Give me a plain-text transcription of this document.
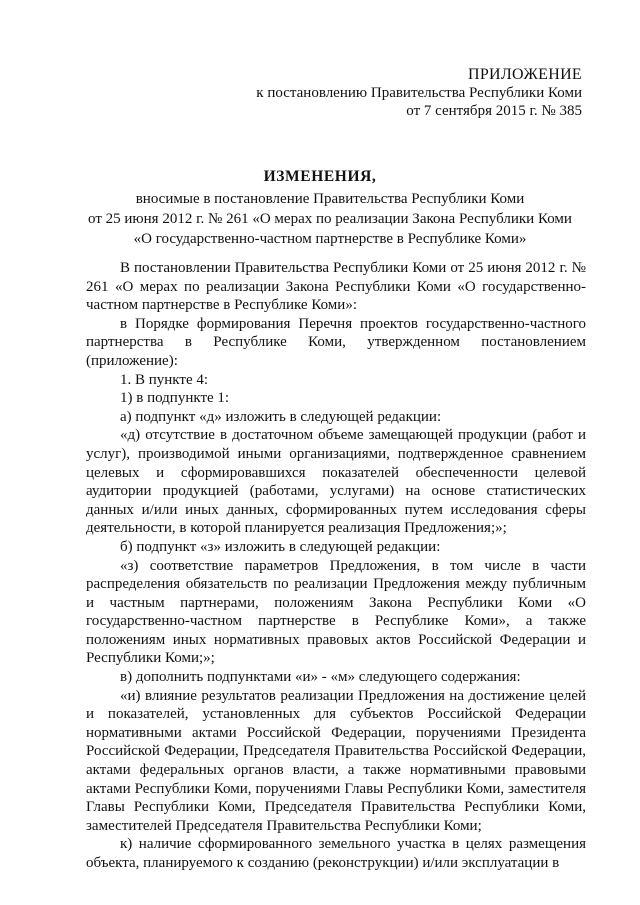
ПРИЛОЖЕНИЕ
к постановлению Правительства Республики Коми
от 7 сентября 2015 г. № 385
ИЗМЕНЕНИЯ,
вносимые в постановление Правительства Республики Коми
от 25 июня 2012 г. № 261 «О мерах по реализации Закона Республики Коми
«О государственно-частном партнерстве в Республике Коми»

В постановлении Правительства Республики Коми от 25 июня 2012 г. № 261 «О мерах по реализации Закона Республики Коми «О государственно-частном партнерстве в Республике Коми»:

в Порядке формирования Перечня проектов государственно-частного партнерства в Республике Коми, утвержденном постановлением (приложение):

1. В пункте 4:

1) в подпункте 1:

а) подпункт «д» изложить в следующей редакции:

«д) отсутствие в достаточном объеме замещающей продукции (работ и услуг), производимой иными организациями, подтвержденное сравнением целевых и сформировавшихся показателей обеспеченности целевой аудитории продукцией (работами, услугами) на основе статистических данных и/или иных данных, сформированных путем исследования сферы деятельности, в которой планируется реализация Предложения;»;

б) подпункт «з» изложить в следующей редакции:

«з) соответствие параметров Предложения, в том числе в части распределения обязательств по реализации Предложения между публичным и частным партнерами, положениям Закона Республики Коми «О государственно-частном партнерстве в Республике Коми», а также положениям иных нормативных правовых актов Российской Федерации и Республики Коми;»;

в) дополнить подпунктами «и» - «м» следующего содержания:

«и) влияние результатов реализации Предложения на достижение целей и показателей, установленных для субъектов Российской Федерации нормативными актами Российской Федерации, поручениями Президента Российской Федерации, Председателя Правительства Российской Федерации, актами федеральных органов власти, а также нормативными правовыми актами Республики Коми, поручениями Главы Республики Коми, заместителя Главы Республики Коми, Председателя Правительства Республики Коми, заместителей Председателя Правительства Республики Коми;

к) наличие сформированного земельного участка в целях размещения объекта, планируемого к созданию (реконструкции) и/или эксплуатации в
